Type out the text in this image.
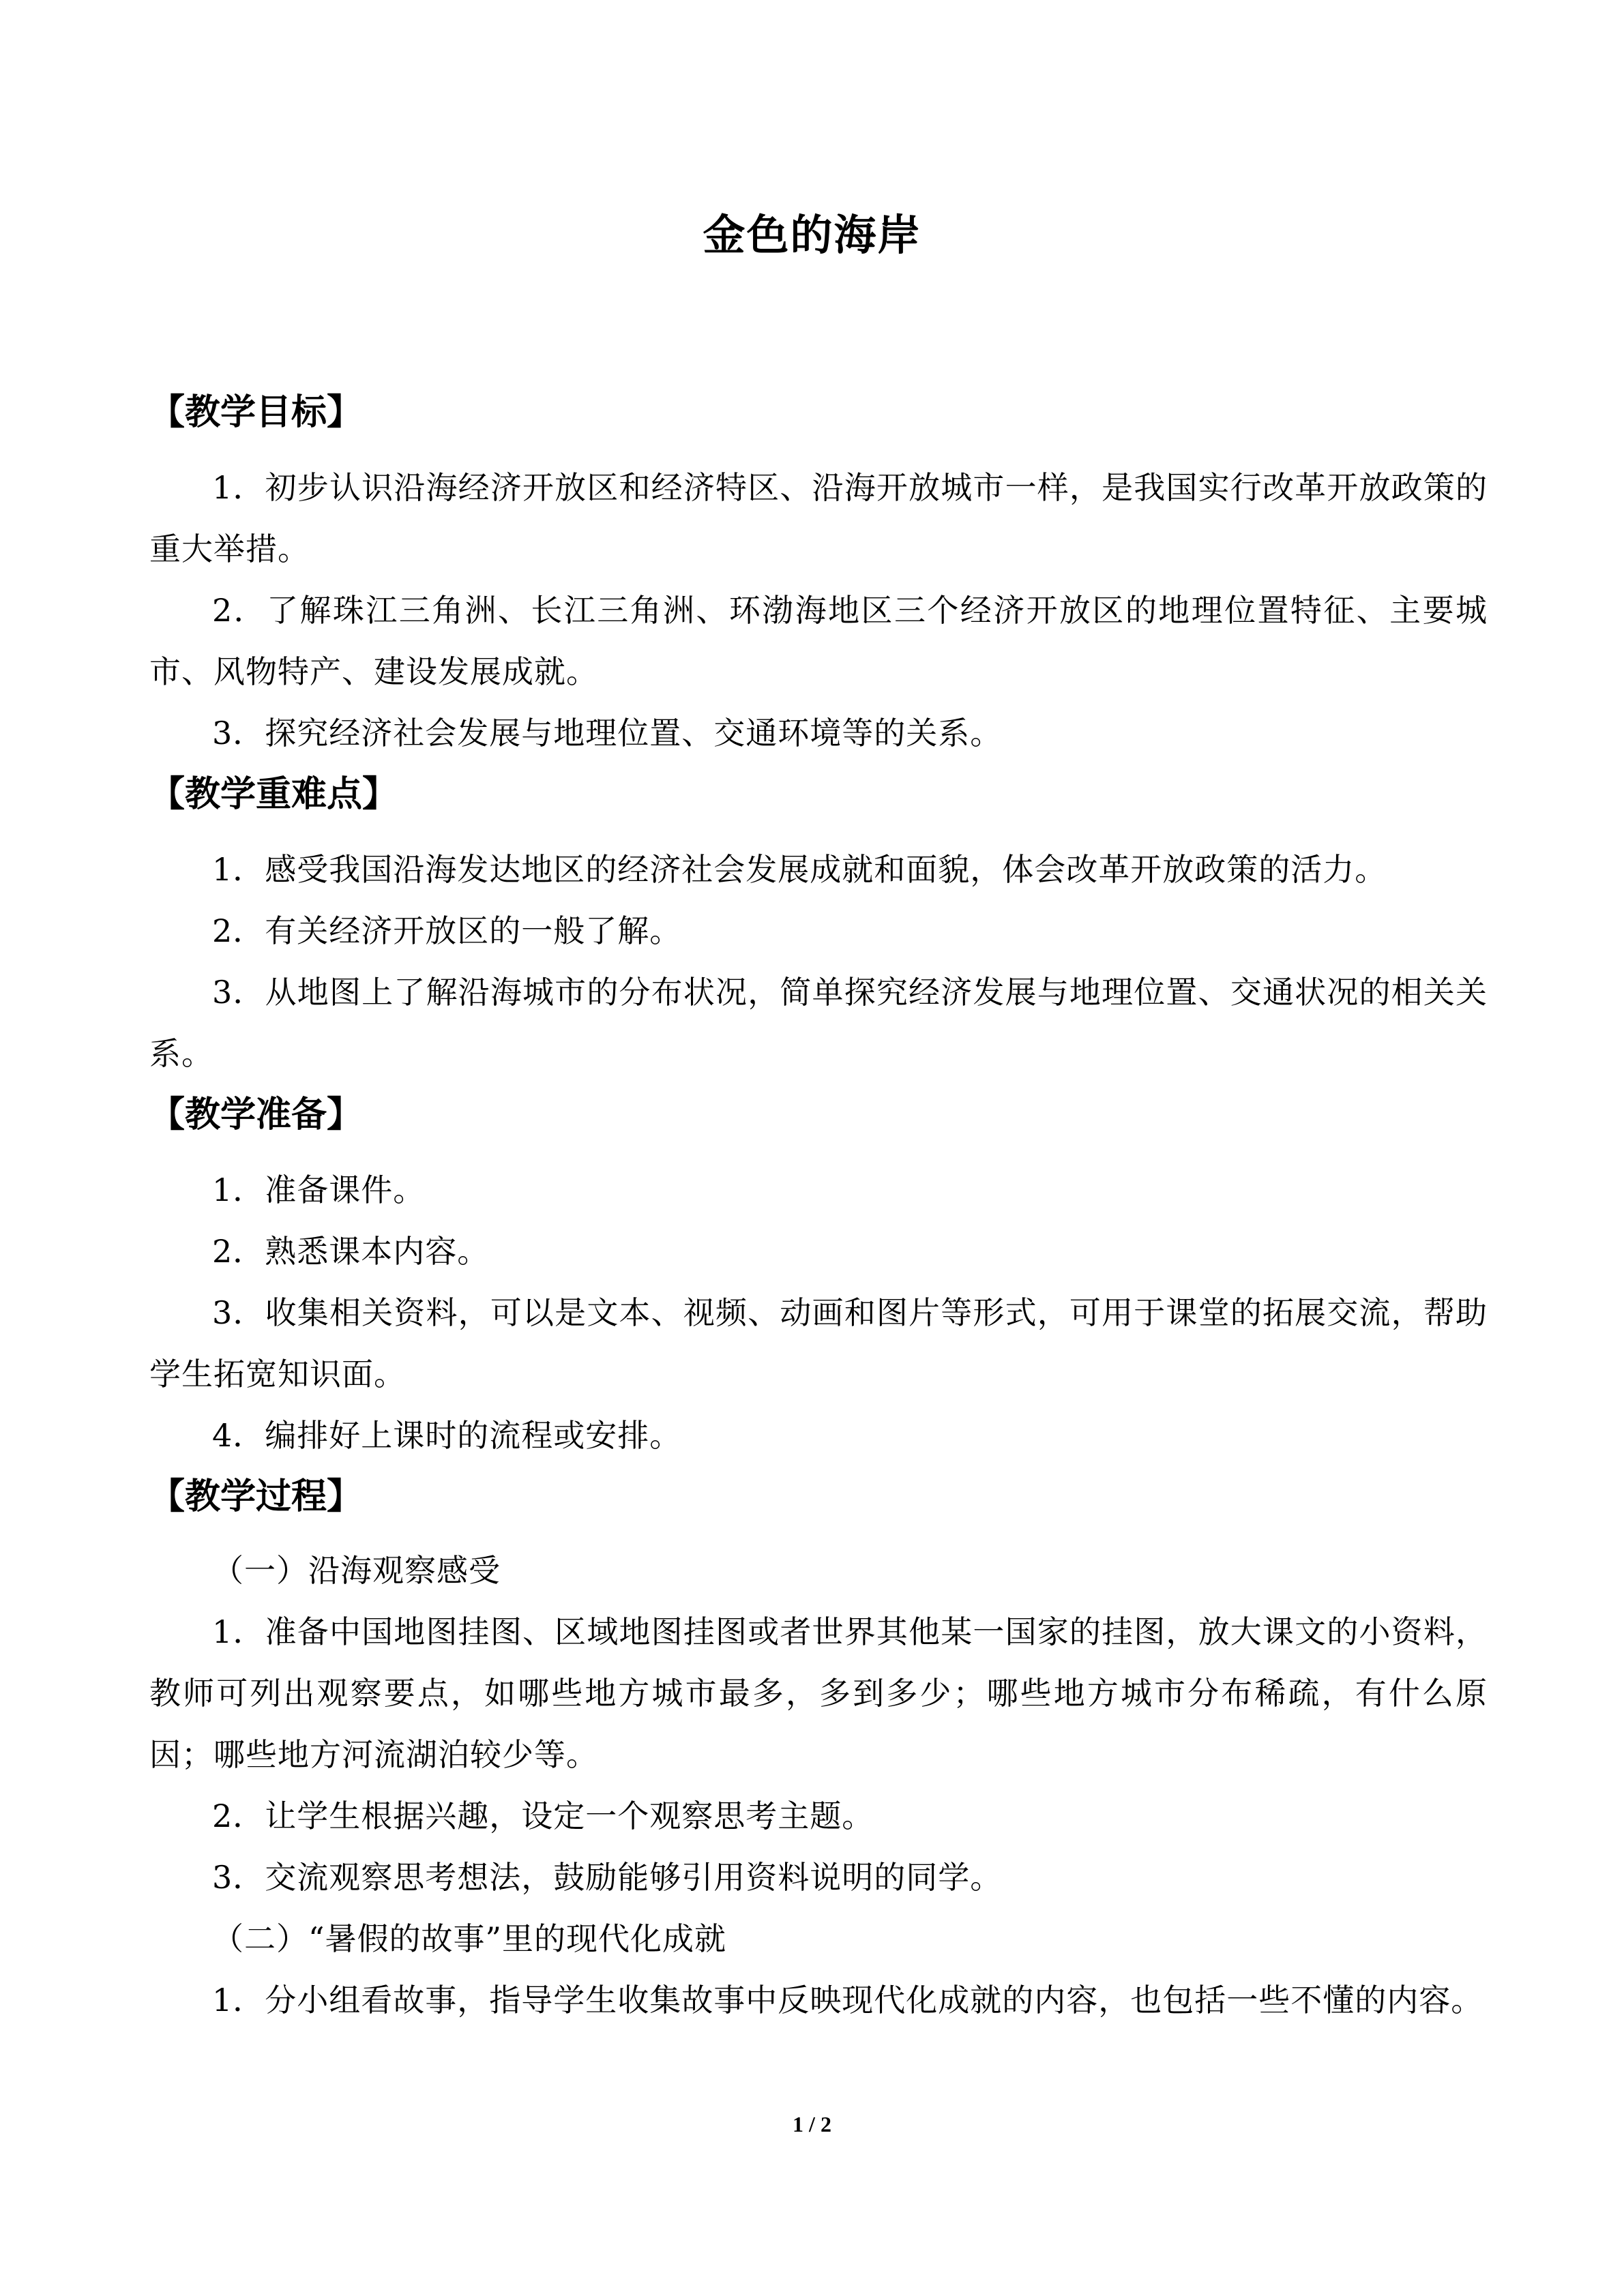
金色的海岸
【教学目标】

1．初步认识沿海经济开放区和经济特区、沿海开放城市一样，是我国实行改革开放政策的重大举措。

2．了解珠江三角洲、长江三角洲、环渤海地区三个经济开放区的地理位置特征、主要城市、风物特产、建设发展成就。

3．探究经济社会发展与地理位置、交通环境等的关系。

【教学重难点】

1．感受我国沿海发达地区的经济社会发展成就和面貌，体会改革开放政策的活力。

2．有关经济开放区的一般了解。

3．从地图上了解沿海城市的分布状况，简单探究经济发展与地理位置、交通状况的相关关系。

【教学准备】

1．准备课件。

2．熟悉课本内容。

3．收集相关资料，可以是文本、视频、动画和图片等形式，可用于课堂的拓展交流，帮助学生拓宽知识面。

4．编排好上课时的流程或安排。

【教学过程】

（一）沿海观察感受

1．准备中国地图挂图、区域地图挂图或者世界其他某一国家的挂图，放大课文的小资料，教师可列出观察要点，如哪些地方城市最多，多到多少；哪些地方城市分布稀疏，有什么原因；哪些地方河流湖泊较少等。

2．让学生根据兴趣，设定一个观察思考主题。

3．交流观察思考想法，鼓励能够引用资料说明的同学。

（二）“暑假的故事”里的现代化成就

1．分小组看故事，指导学生收集故事中反映现代化成就的内容，也包括一些不懂的内容。

1 / 2
